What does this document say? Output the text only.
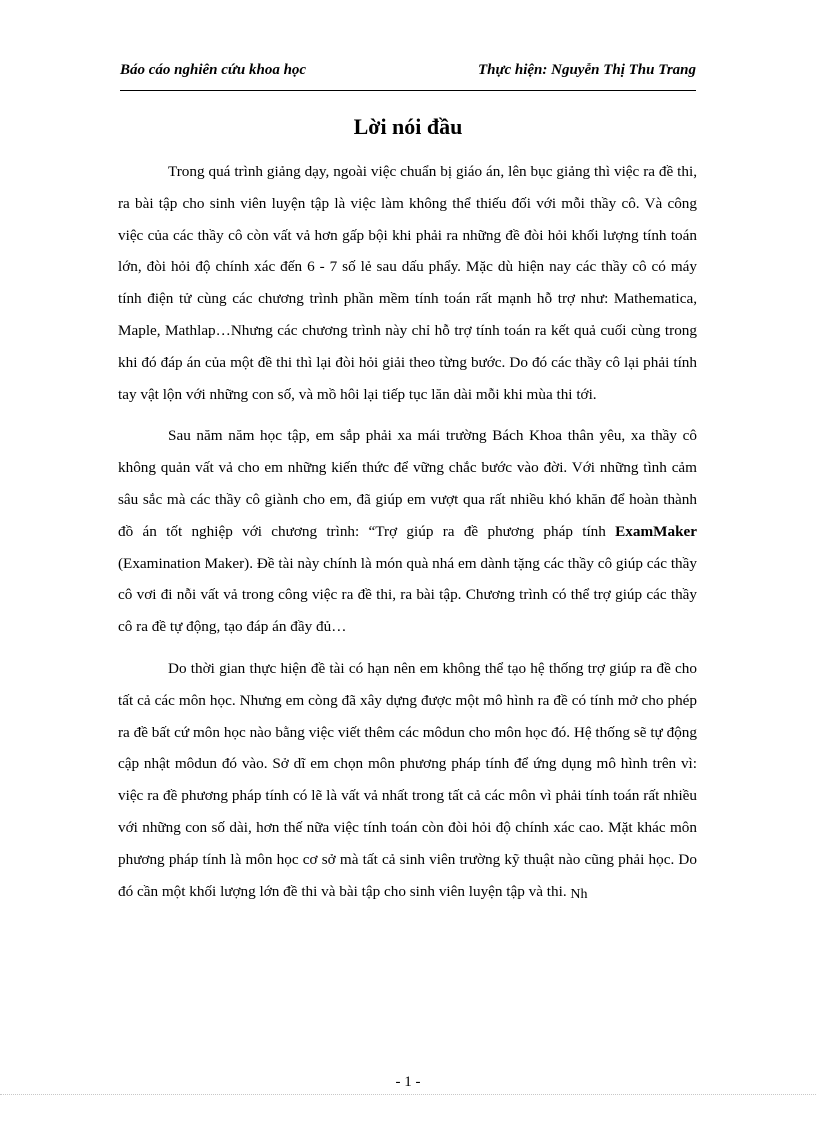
Báo cáo nghiên cứu khoa học	Thực hiện: Nguyễn Thị Thu Trang
Lời nói đầu

Trong quá trình giảng dạy, ngoài việc chuẩn bị giáo án, lên bục giảng thì việc ra đề thi, ra bài tập cho sinh viên luyện tập là việc làm không thể thiếu đối với mỗi thầy cô. Và công việc của các thầy cô còn vất vả hơn gấp bội khi phải ra những đề đòi hỏi khối lượng tính toán lớn, đòi hỏi độ chính xác đến 6 - 7 số lẻ sau dấu phẩy. Mặc dù hiện nay các thầy cô có máy tính điện tử cùng các chương trình phần mềm tính toán rất mạnh hỗ trợ như: Mathematica, Maple, Mathlap…Nhưng các chương trình này chỉ hỗ trợ tính toán ra kết quả cuối cùng trong khi đó đáp án của một đề thi thì lại đòi hỏi giải theo từng bước. Do đó các thầy cô lại phải tính tay vật lộn với những con số, và mồ hôi lại tiếp tục lăn dài mỗi khi mùa thi tới.

Sau năm năm học tập, em sắp phải xa mái trường Bách Khoa thân yêu, xa thầy cô không quản vất vả cho em những kiến thức để vững chắc bước vào đời. Với những tình cảm sâu sắc mà các thầy cô giành cho em, đã giúp em vượt qua rất nhiều khó khăn để hoàn thành đồ án tốt nghiệp với chương trình: “Trợ giúp ra đề phương pháp tính ExamMaker (Examination Maker). Đề tài này chính là món quà nhá em dành tặng các thầy cô giúp các thầy cô vơi đi nỗi vất vả trong công việc ra đề thi, ra bài tập. Chương trình có thể trợ giúp các thầy cô ra đề tự động, tạo đáp án đầy đủ…

Do thời gian thực hiện đề tài có hạn nên em không thể tạo hệ thống trợ giúp ra đề cho tất cả các môn học. Nhưng em còng đã xây dựng được một mô hình ra đề có tính mở cho phép ra đề bất cứ môn học nào bằng việc viết thêm các môdun cho môn học đó. Hệ thống sẽ tự động cập nhật môdun đó vào. Sở dĩ em chọn môn phương pháp tính để ứng dụng mô hình trên vì: việc ra đề phương pháp tính có lẽ là vất vả nhất trong tất cả các môn vì phải tính toán rất nhiều với những con số dài, hơn thế nữa việc tính toán còn đòi hỏi độ chính xác cao. Mặt khác môn phương pháp tính là môn học cơ sở mà tất cả sinh viên trường kỹ thuật nào cũng phải học. Do đó cần một khối lượng lớn đề thi và bài tập cho sinh viên luyện tập và thi. Nh

- 1 -
